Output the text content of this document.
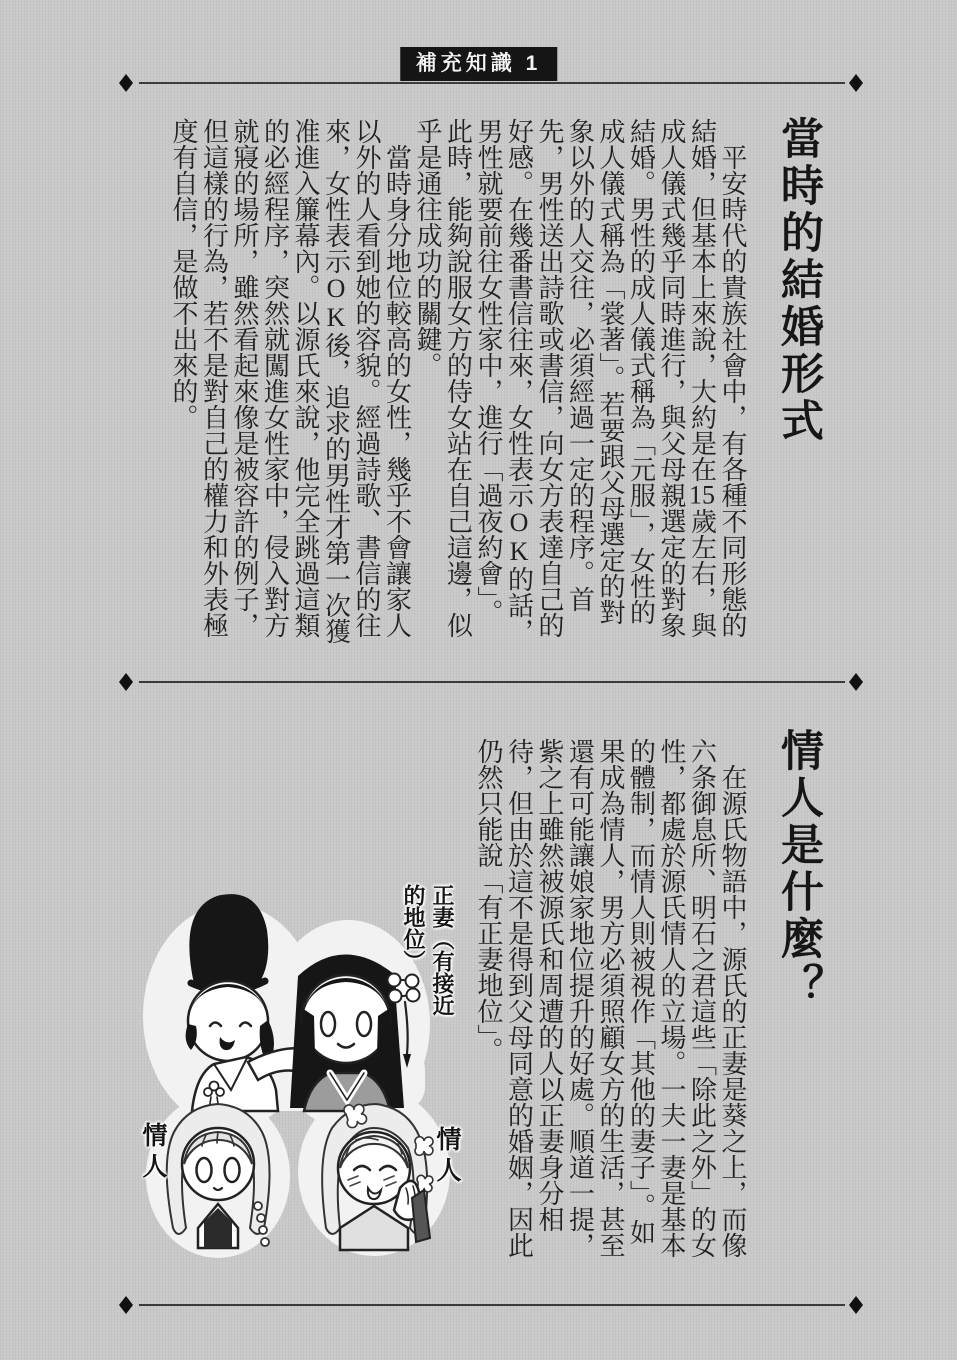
補充知識 1
當時的結婚形式

平安時代的貴族社會中，有各種不同形態的結婚，但基本上來說，大約是在15歲左右，與成人儀式幾乎同時進行，與父母親選定的對象結婚。男性的成人儀式稱為「元服」，女性的成人儀式稱為「裳著」。若要跟父母選定的對象以外的人交往，必須經過一定的程序。首先，男性送出詩歌或書信，向女方表達自己的好感。在幾番書信往來，女性表示OK的話，男性就要前往女性家中，進行「過夜約會」。此時，能夠說服女方的侍女站在自己這邊，似乎是通往成功的關鍵。

當時身分地位較高的女性，幾乎不會讓家人以外的人看到她的容貌。經過詩歌、書信的往來，女性表示OK後，追求的男性才第一次獲准進入簾幕內。以源氏來說，他完全跳過這類的必經程序，突然就闖進女性家中，侵入對方就寢的場所，雖然看起來像是被容許的例子，但這樣的行為，若不是對自己的權力和外表極度有自信，是做不出來的。

情人是什麼？

在源氏物語中，源氏的正妻是葵之上，而像六条御息所、明石之君這些「除此之外」的女性，都處於源氏情人的立場。一夫一妻是基本的體制，而情人則被視作「其他的妻子」。如果成為情人，男方必須照顧女方的生活，甚至還有可能讓娘家地位提升的好處。順道一提，紫之上雖然被源氏和周遭的人以正妻身分相待，但由於這不是得到父母同意的婚姻，因此仍然只能說「有正妻地位」。

正妻（有接近的地位）
情人	情人
